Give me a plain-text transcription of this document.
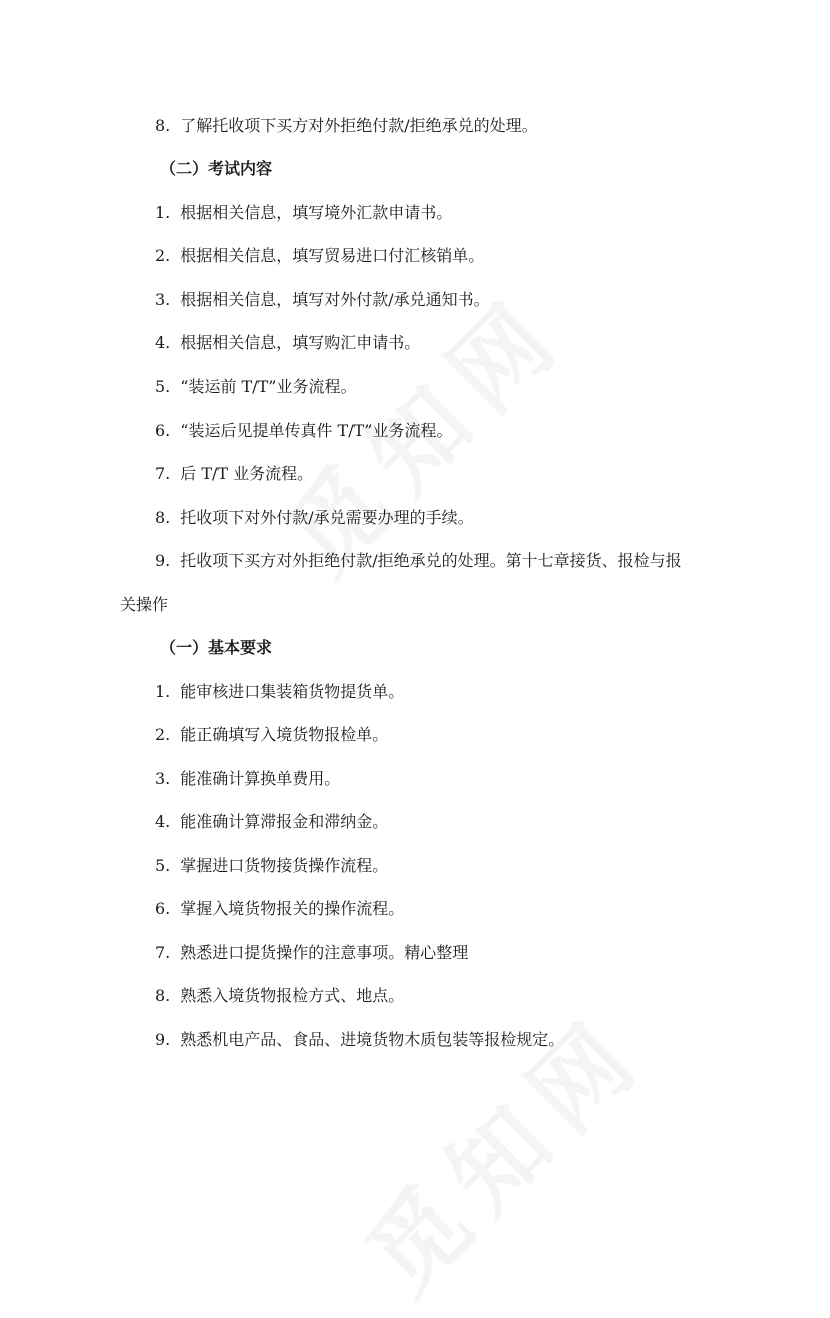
8. 了解托收项下买方对外拒绝付款/拒绝承兑的处理。
（二）考试内容
1. 根据相关信息，填写境外汇款申请书。
2. 根据相关信息，填写贸易进口付汇核销单。
3. 根据相关信息，填写对外付款/承兑通知书。
4. 根据相关信息，填写购汇申请书。
5. “装运前 T/T”业务流程。
6. “装运后见提单传真件 T/T”业务流程。
7. 后 T/T 业务流程。
8. 托收项下对外付款/承兑需要办理的手续。
9. 托收项下买方对外拒绝付款/拒绝承兑的处理。第十七章接货、报检与报
关操作
（一）基本要求
1. 能审核进口集装箱货物提货单。
2. 能正确填写入境货物报检单。
3. 能准确计算换单费用。
4. 能准确计算滞报金和滞纳金。
5. 掌握进口货物接货操作流程。
6. 掌握入境货物报关的操作流程。
7. 熟悉进口提货操作的注意事项。精心整理
8. 熟悉入境货物报检方式、地点。
9. 熟悉机电产品、食品、进境货物木质包装等报检规定。
